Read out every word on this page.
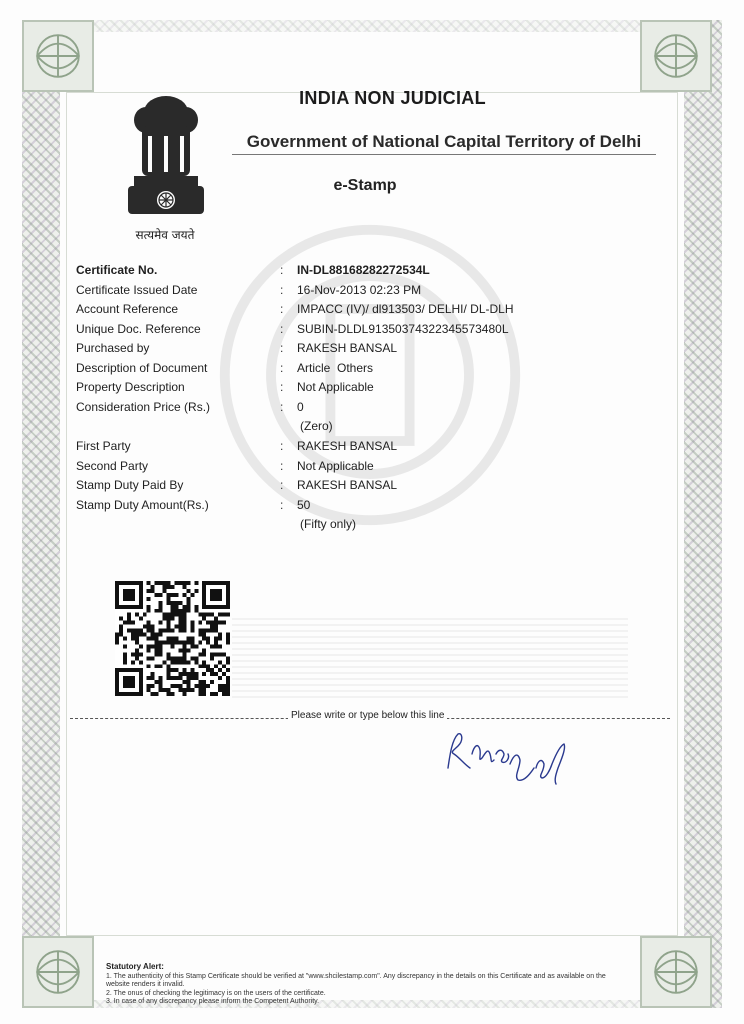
सत्यमेव जयते
INDIA NON JUDICIAL
Government of National Capital Territory of Delhi
e-Stamp
Certificate No.	:	IN-DL88168282272534L
Certificate Issued Date	:	16-Nov-2013 02:23 PM
Account Reference	:	IMPACC (IV)/ dl913503/ DELHI/ DL-DLH
Unique Doc. Reference	:	SUBIN-DLDL91350374322345573480L
Purchased by	:	RAKESH BANSAL
Description of Document	:	Article  Others
Property Description	:	Not Applicable
Consideration Price (Rs.)	:	0
(Zero)
First Party	:	RAKESH BANSAL
Second Party	:	Not Applicable
Stamp Duty Paid By	:	RAKESH BANSAL
Stamp Duty Amount(Rs.)	:	50
(Fifty only)
Please write or type below this line
Statutory Alert:
1. The authenticity of this Stamp Certificate should be verified at "www.shcilestamp.com". Any discrepancy in the details on this Certificate and as available on the website renders it invalid.
2. The onus of checking the legitimacy is on the users of the certificate.
3. In case of any discrepancy please inform the Competent Authority.
